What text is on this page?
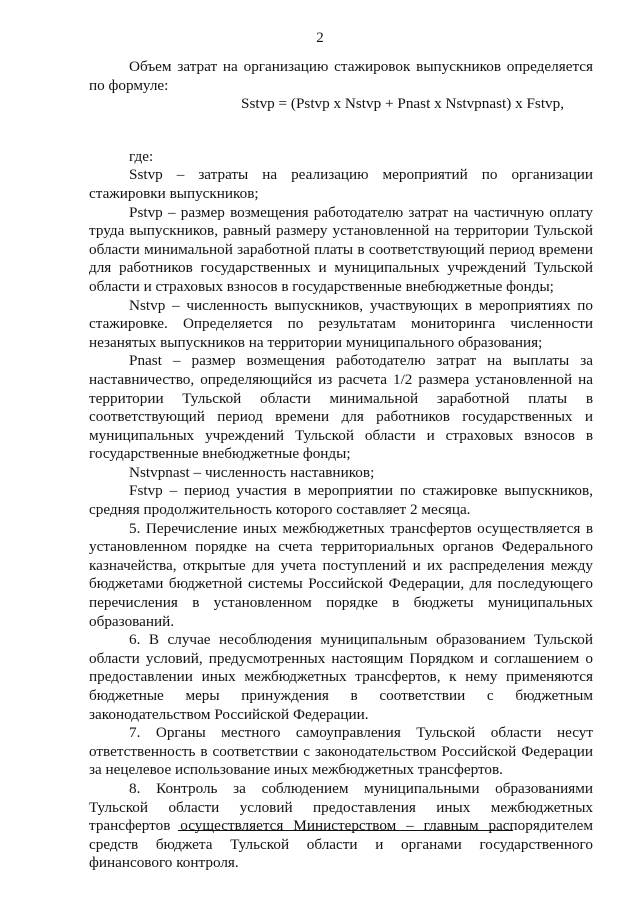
2

Объем затрат на организацию стажировок выпускников определяется по формуле:

Sstvp = (Pstvp x Nstvp + Pnast x Nstvpnast) x Fstvp,

где:

Sstvp – затраты на реализацию мероприятий по организации стажировки выпускников;

Pstvp – размер возмещения работодателю затрат на частичную оплату труда выпускников, равный размеру установленной на территории Тульской области минимальной заработной платы в соответствующий период времени для работников государственных и муниципальных учреждений Тульской области и страховых взносов в государственные внебюджетные фонды;

Nstvp – численность выпускников, участвующих в мероприятиях по стажировке. Определяется по результатам мониторинга численности незанятых выпускников на территории муниципального образования;

Pnast – размер возмещения работодателю затрат на выплаты за наставничество, определяющийся из расчета 1/2 размера установленной на территории Тульской области минимальной заработной платы в соответствующий период времени для работников государственных и муниципальных учреждений Тульской области и страховых взносов в государственные внебюджетные фонды;

Nstvpnast – численность наставников;

Fstvp – период участия в мероприятии по стажировке выпускников, средняя продолжительность которого составляет 2 месяца.

5. Перечисление иных межбюджетных трансфертов осуществляется в установленном порядке на счета территориальных органов Федерального казначейства, открытые для учета поступлений и их распределения между бюджетами бюджетной системы Российской Федерации, для последующего перечисления в установленном порядке в бюджеты муниципальных образований.

6. В случае несоблюдения муниципальным образованием Тульской области условий, предусмотренных настоящим Порядком и соглашением о предоставлении иных межбюджетных трансфертов, к нему применяются бюджетные меры принуждения в соответствии с бюджетным законодательством Российской Федерации.

7. Органы местного самоуправления Тульской области несут ответственность в соответствии с законодательством Российской Федерации за нецелевое использование иных межбюджетных трансфертов.

8. Контроль за соблюдением муниципальными образованиями Тульской области условий предоставления иных межбюджетных трансфертов осуществляется Министерством – главным распорядителем средств бюджета Тульской области и органами государственного финансового контроля.
